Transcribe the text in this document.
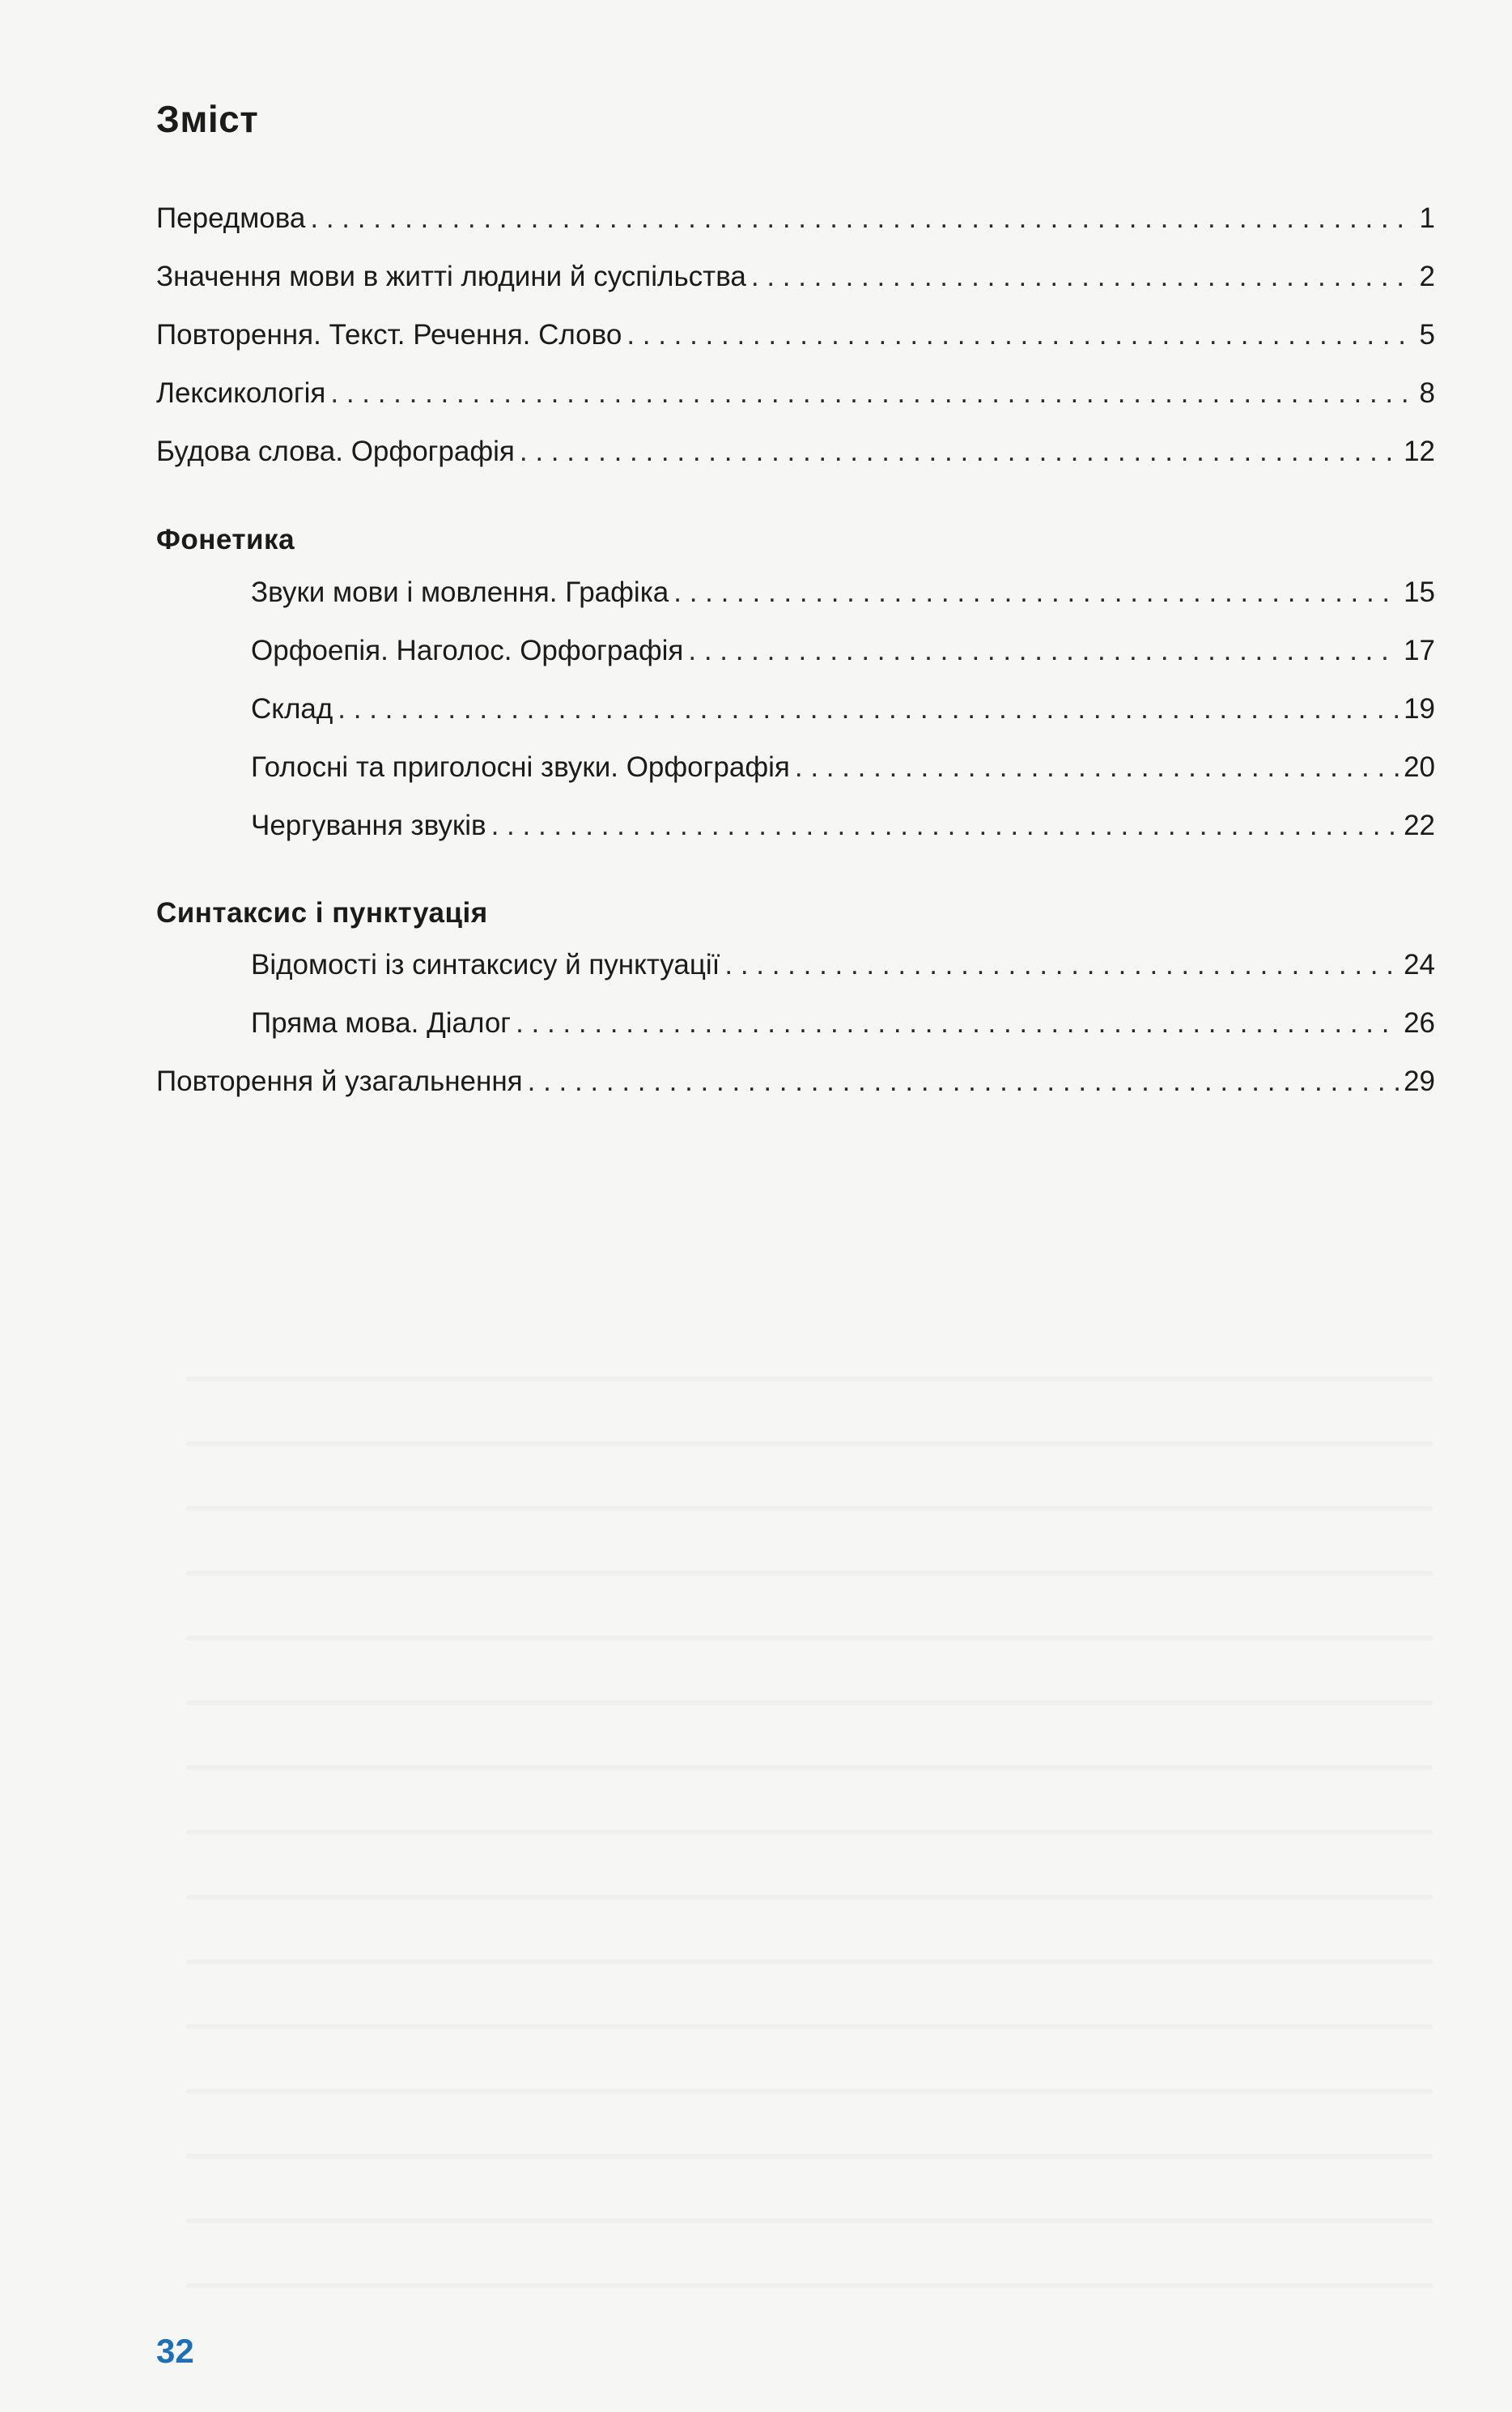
Зміст
Передмова . . .	1
Значення мови в житті людини й суспільства . . .	2
Повторення. Текст. Речення. Слово . . .	5
Лексикологія . . .	8
Будова слова. Орфографія . . .	12
Фонетика
Звуки мови і мовлення. Графіка . . .	15
Орфоепія. Наголос. Орфографія . . .	17
Склад . . .	19
Голосні та приголосні звуки. Орфографія . . .	20
Чергування звуків . . .	22
Синтаксис і пунктуація
Відомості із синтаксису й пунктуації . . .	24
Пряма мова. Діалог . . .	26
Повторення й узагальнення . . .	29
32
